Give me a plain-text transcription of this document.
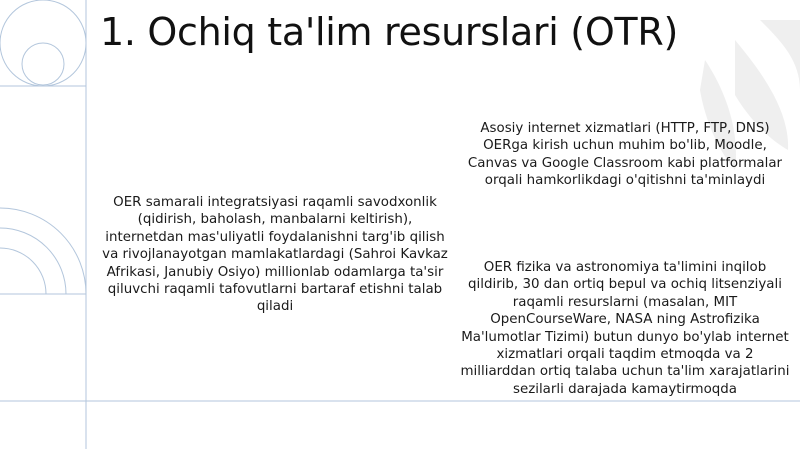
1. Ochiq ta'lim resurslari (OTR)
OER samarali integratsiyasi raqamli savodxonlik (qidirish, baholash, manbalarni keltirish), internetdan mas'uliyatli foydalanishni targ'ib qilish va rivojlanayotgan mamlakatlardagi (Sahroi Kavkaz Afrikasi, Janubiy Osiyo) millionlab odamlarga ta'sir qiluvchi raqamli tafovutlarni bartaraf etishni talab qiladi
Asosiy internet xizmatlari (HTTP, FTP, DNS) OERga kirish uchun muhim bo'lib, Moodle, Canvas va Google Classroom kabi platformalar orqali hamkorlikdagi o'qitishni ta'minlaydi
OER fizika va astronomiya ta'limini inqilob qildirib, 30 dan ortiq bepul va ochiq litsenziyali raqamli resurslarni (masalan, MIT OpenCourseWare, NASA ning Astrofizika Ma'lumotlar Tizimi) butun dunyo bo'ylab internet xizmatlari orqali taqdim etmoqda va 2 milliarddan ortiq talaba uchun ta'lim xarajatlarini sezilarli darajada kamaytirmoqda
